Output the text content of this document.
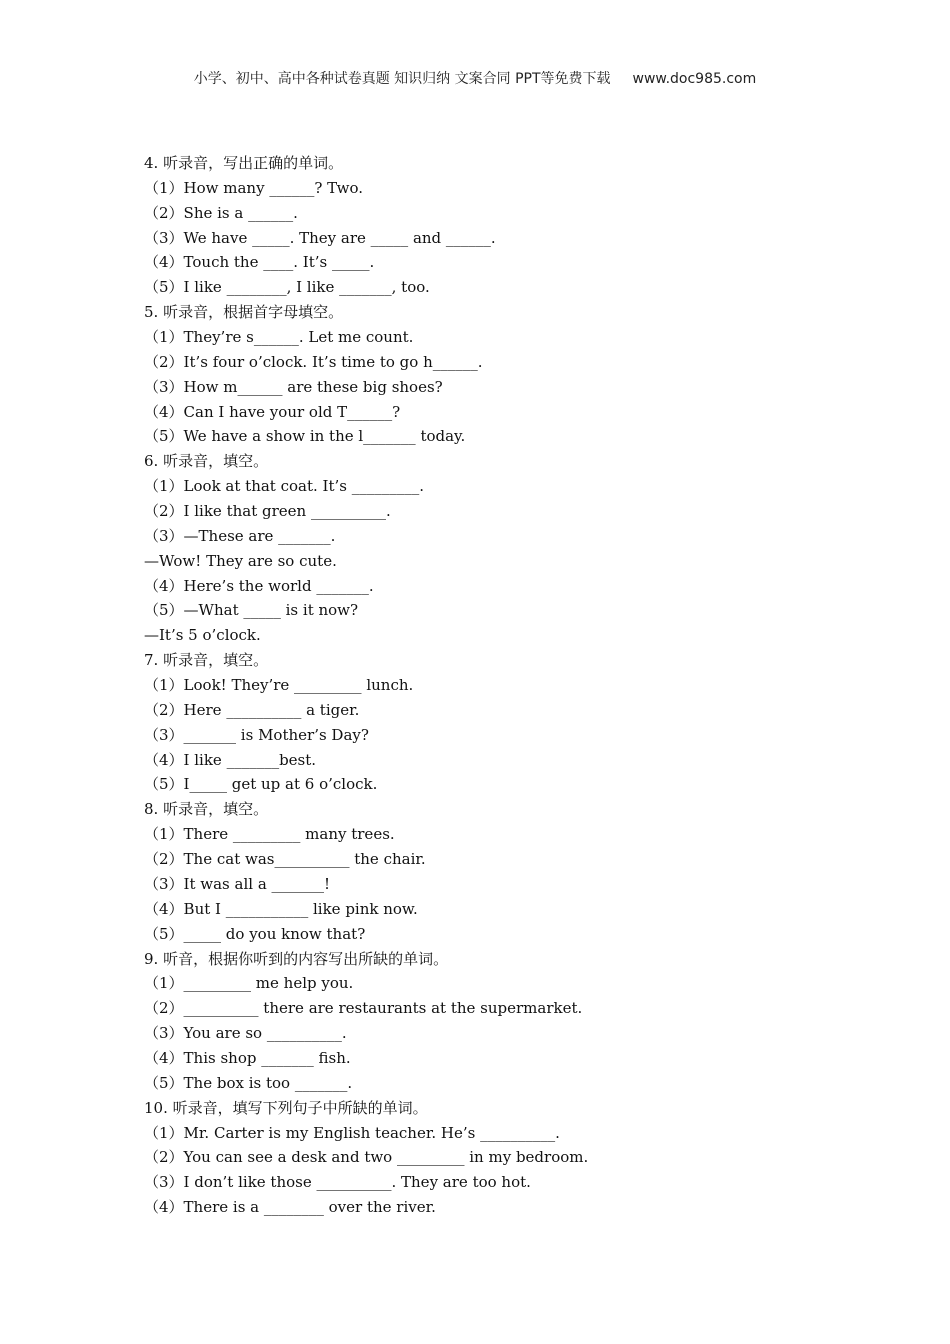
小学、初中、高中各种试卷真题 知识归纳 文案合同 PPT等免费下载 www.doc985.com
4. 听录音，写出正确的单词。
（1）How many ______? Two.
（2）She is a ______.
（3）We have _____. They are _____ and ______.
（4）Touch the ____. It’s _____.
（5）I like ________, I like _______, too.
5. 听录音，根据首字母填空。
（1）They’re s______. Let me count.
（2）It’s four o’clock. It’s time to go h______.
（3）How m______ are these big shoes?
（4）Can I have your old T______?
（5）We have a show in the l_______ today.
6. 听录音，填空。
（1）Look at that coat. It’s _________.
（2）I like that green __________.
（3）—These are _______.
—Wow! They are so cute.
（4）Here’s the world _______.
（5）—What _____ is it now?
—It’s 5 o’clock.
7. 听录音，填空。
（1）Look! They’re _________ lunch.
（2）Here __________ a tiger.
（3）_______ is Mother’s Day?
（4）I like _______best.
（5）I_____ get up at 6 o’clock.
8. 听录音，填空。
（1）There _________ many trees.
（2）The cat was__________ the chair.
（3）It was all a _______!
（4）But I ___________ like pink now.
（5）_____ do you know that?
9. 听音，根据你听到的内容写出所缺的单词。
（1）_________ me help you.
（2）__________ there are restaurants at the supermarket.
（3）You are so __________.
（4）This shop _______ fish.
（5）The box is too _______.
10. 听录音，填写下列句子中所缺的单词。
（1）Mr. Carter is my English teacher. He’s __________.
（2）You can see a desk and two _________ in my bedroom.
（3）I don’t like those __________. They are too hot.
（4）There is a ________ over the river.
